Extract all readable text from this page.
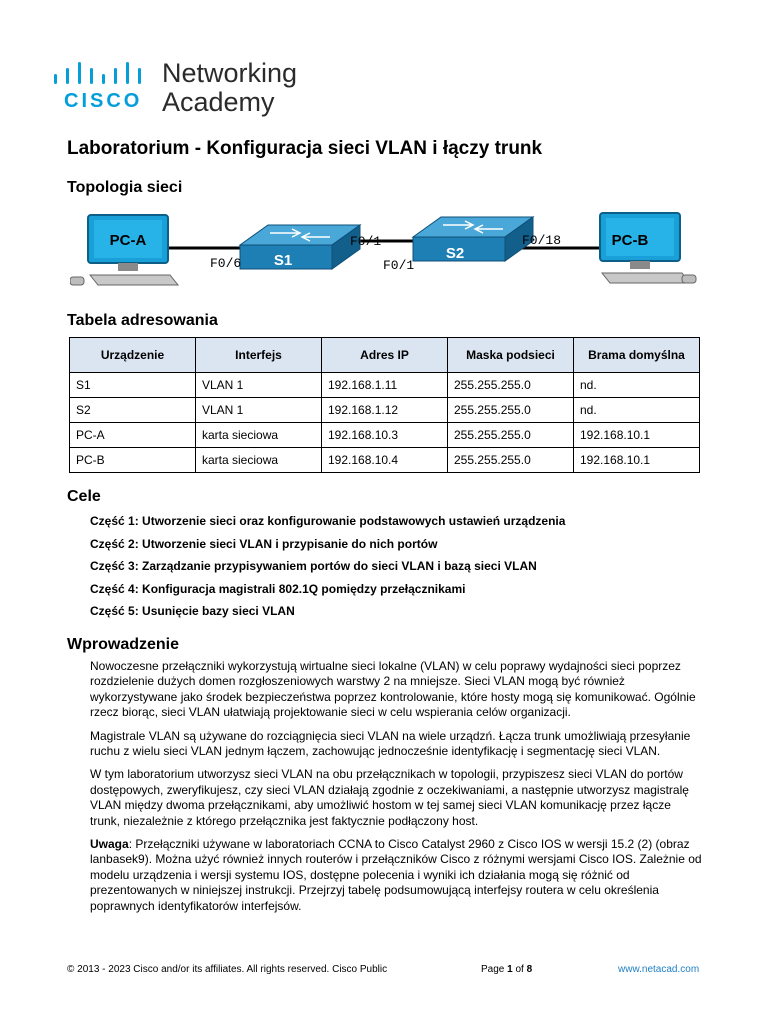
CISCO
Networking
Academy
Laboratorium - Konfiguracja sieci VLAN i łączy trunk
Topologia sieci
PC-A
S1	S2
PC-B
F0/6
F0/1
F0/1
F0/18
Tabela adresowania
Urządzenie	Interfejs	Adres IP	Maska podsieci	Brama domyślna
S1	VLAN 1	192.168.1.11	255.255.255.0	nd.
S2	VLAN 1	192.168.1.12	255.255.255.0	nd.
PC-A	karta sieciowa	192.168.10.3	255.255.255.0	192.168.10.1
PC-B	karta sieciowa	192.168.10.4	255.255.255.0	192.168.10.1
Cele
Część 1: Utworzenie sieci oraz konfigurowanie podstawowych ustawień urządzenia
Część 2: Utworzenie sieci VLAN i przypisanie do nich portów
Część 3: Zarządzanie przypisywaniem portów do sieci VLAN i bazą sieci VLAN
Część 4: Konfiguracja magistrali 802.1Q pomiędzy przełącznikami
Część 5: Usunięcie bazy sieci VLAN
Wprowadzenie

Nowoczesne przełączniki wykorzystują wirtualne sieci lokalne (VLAN) w celu poprawy wydajności sieci poprzez rozdzielenie dużych domen rozgłoszeniowych warstwy 2 na mniejsze. Sieci VLAN mogą być również wykorzystywane jako środek bezpieczeństwa poprzez kontrolowanie, które hosty mogą się komunikować. Ogólnie rzecz biorąc, sieci VLAN ułatwiają projektowanie sieci w celu wspierania celów organizacji.

Magistrale VLAN są używane do rozciągnięcia sieci VLAN na wiele urządzń. Łącza trunk umożliwiają przesyłanie ruchu z wielu sieci VLAN jednym łączem, zachowując jednocześnie identyfikację i segmentację sieci VLAN.

W tym laboratorium utworzysz sieci VLAN na obu przełącznikach w topologii, przypiszesz sieci VLAN do portów dostępowych, zweryfikujesz, czy sieci VLAN działają zgodnie z oczekiwaniami, a następnie utworzysz magistralę VLAN między dwoma przełącznikami, aby umożliwić hostom w tej samej sieci VLAN komunikację przez łącze trunk, niezależnie z którego przełącznika jest faktycznie podłączony host.

Uwaga: Przełączniki używane w laboratoriach CCNA to Cisco Catalyst 2960 z Cisco IOS w wersji 15.2 (2) (obraz lanbasek9). Można użyć również innych routerów i przełączników Cisco z różnymi wersjami Cisco IOS. Zależnie od modelu urządzenia i wersji systemu IOS, dostępne polecenia i wyniki ich działania mogą się różnić od prezentowanych w niniejszej instrukcji. Przejrzyj tabelę podsumowującą interfejsy routera w celu określenia poprawnych identyfikatorów interfejsów.

© 2013 - 2023 Cisco and/or its affiliates. All rights reserved. Cisco Public	Page 1 of 8	www.netacad.com
